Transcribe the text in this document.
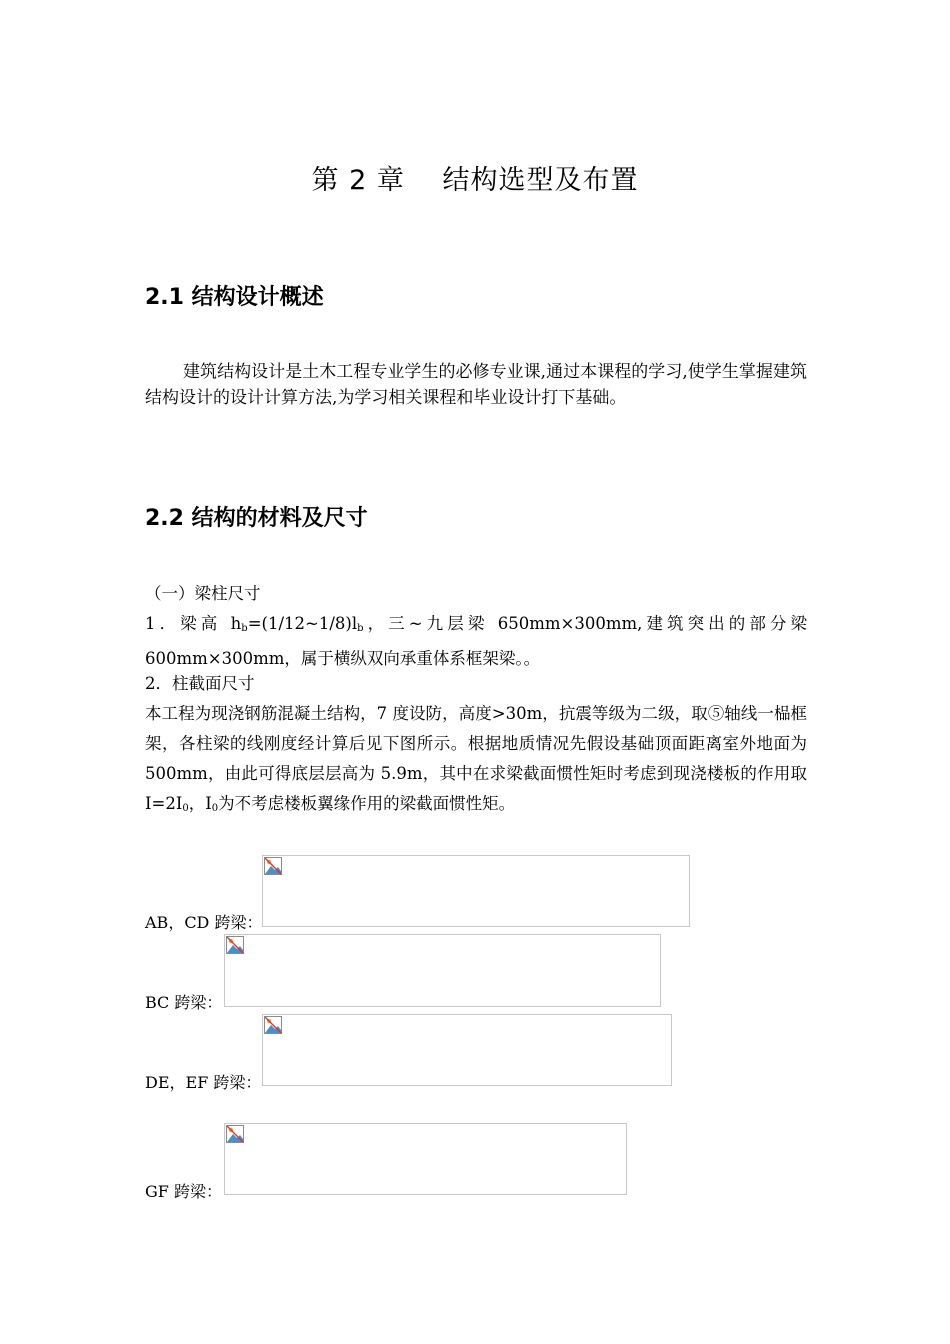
第 2 章　 结构选型及布置
2.1 结构设计概述

建筑结构设计是土木工程专业学生的必修专业课,通过本课程的学习,使学生掌握建筑结构设计的设计计算方法,为学习相关课程和毕业设计打下基础。

2.2 结构的材料及尺寸
（一）梁柱尺寸

1．梁高 $h_b=(1/12\sim 1/8)l_b$，三~九层梁 650mm×300mm,建筑突出的部分梁 600mm×300mm，属于横纵双向承重体系框架梁。。

2．柱截面尺寸

本工程为现浇钢筋混凝土结构，7 度设防，高度>30m，抗震等级为二级，取⑤轴线一榀框架，各柱梁的线刚度经计算后见下图所示。根据地质情况先假设基础顶面距离室外地面为 500mm，由此可得底层层高为 5.9m，其中在求梁截面惯性矩时考虑到现浇楼板的作用取 $I=2I_0$，$I_0$为不考虑楼板翼缘作用的梁截面惯性矩。

AB，CD 跨梁：
BC 跨梁：
DE，EF 跨梁：
GF 跨梁：
